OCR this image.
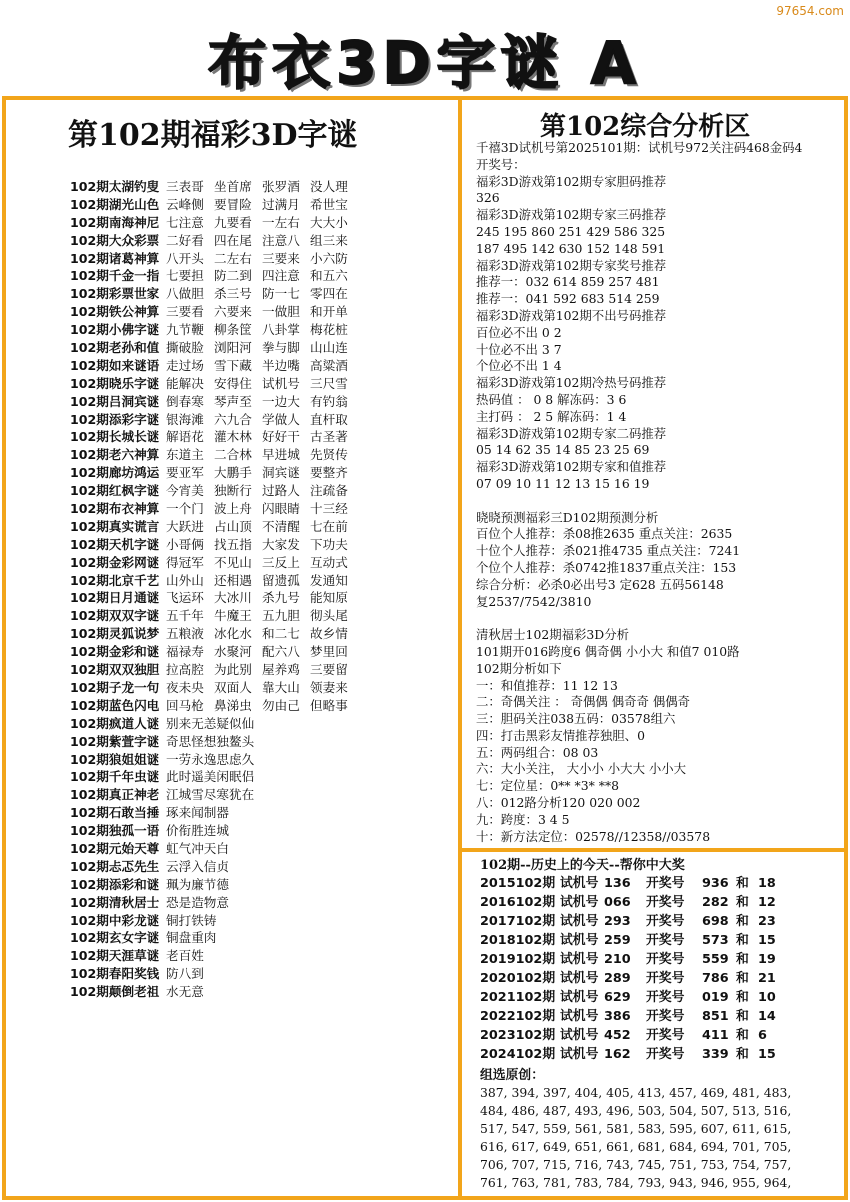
97654.com
布衣3D字谜 A
第102期福彩3D字谜
102期太湖钓叟 三表哥 坐首席 张罗酒 没人理
102期湖光山色 云峰侧 要冒险 过满月 希世宝
102期南海神尼 七注意 九要看 一左右 大大小
102期大众彩票 二好看 四在尾 注意八 组三来
102期诸葛神算 八开头 二左右 三要来 小六防
102期千金一指 七要担 防二到 四注意 和五六
102期彩票世家 八做胆 杀三号 防一七 零四在
102期铁公神算 三要看 六要来 一做胆 和开单
102期小佛字谜 九节鞭 柳条筐 八卦掌 梅花桩
102期老孙和值 撕破脸 浏阳河 拳与脚 山山连
102期如来谜语 走过场 雪下藏 半边嘴 高粱酒
102期晓乐字谜 能解决 安得住 试机号 三尺雪
102期吕洞宾谜 倒春寒 琴声至 一边大 有钓翁
102期添彩字谜 银海滩 六九合 学做人 直杆取
102期长城长谜 解语花 灌木林 好好干 古圣著
102期老六神算 东道主 二合林 早进城 先贤传
102期廊坊鸿运 要亚军 大鹏手 洞宾谜 要整齐
102期红枫字谜 今宵美 独断行 过路人 注疏备
102期布衣神算 一个门 波上舟 闪眼睛 十三经
102期真实谎言 大跃进 占山顶 不清醒 七在前
102期天机字谜 小哥俩 找五指 大家发 下功夫
102期金彩网谜 得冠军 不见山 三反上 互动式
102期北京千艺 山外山 还相遇 留遗孤 发通知
102期日月通谜 飞运环 大冰川 杀九号 能知原
102期双双字谜 五千年 牛魔王 五九胆 彻头尾
102期灵狐说梦 五粮液 冰化水 和二七 故乡情
102期金彩和谜 福禄寿 水聚河 配六八 梦里回
102期双双独胆 拉高腔 为此别 屋养鸡 三要留
102期子龙一句 夜未央 双面人 靠大山 领妻来
102期蓝色闪电 回马枪 鼻涕虫 勿由己 但略事
102期疯道人谜 别来无恙疑似仙
102期紫萱字谜 奇思怪想独鳌头
102期狼姐姐谜 一劳永逸思虑久
102期千年虫谜 此时遥美闲眠侣
102期真正神老 江城雪尽寒犹在
102期石敢当捶 琢来闻制器
102期独孤一语 价衔胜连城
102期元始天尊 虹气冲天白
102期忐忑先生 云浮入信贞
102期添彩和谜 珮为廉节德
102期清秋居士 恐是造物意
102期中彩龙谜 铜打铁铸
102期玄女字谜 铜盘重肉
102期天涯草谜 老百姓
102期春阳奖钱 防八到
102期颠倒老祖 水无意
第102综合分析区
千禧3D试机号第2025101期：试机号972关注码468金码4
开奖号：
福彩3D游戏第102期专家胆码推荐
326
福彩3D游戏第102期专家三码推荐
245 195 860 251 429 586 325
187 495 142 630 152 148 591
福彩3D游戏第102期专家奖号推荐
推荐一：032 614 859 257 481
推荐一：041 592 683 514 259
福彩3D游戏第102期不出号码推荐
百位必不出 0 2
十位必不出 3 7
个位必不出 1 4
福彩3D游戏第102期冷热号码推荐
热码值 ： 0 8 解冻码：3 6
主打码 ： 2 5 解冻码：1 4
福彩3D游戏第102期专家二码推荐
05 14 62 35 14 85 23 25 69
福彩3D游戏第102期专家和值推荐
07 09 10 11 12 13 15 16 19
晓晓预测福彩三D102期预测分析
百位个人推荐：杀08推2635 重点关注：2635
十位个人推荐：杀021推4735 重点关注：7241
个位个人推荐：杀0742推1837重点关注：153
综合分析：必杀0必出号3 定628 五码56148
复2537/7542/3810
清秋居士102期福彩3D分析
101期开016跨度6 偶奇偶 小小大 和值7 010路
102期分析如下
一：和值推荐：11 12 13
二：奇偶关注 ： 奇偶偶 偶奇奇 偶偶奇
三：胆码关注038五码：03578组六
四：打击黑彩友情推荐独胆、0
五：两码组合：08 03
六：大小关注， 大小小 小大大 小小大
七：定位星：0** *3* **8
八：012路分析120 020 002
九：跨度：3 4 5
十：新方法定位：02578//12358//03578
102期--历史上的今天--帮你中大奖
2015102期 试机号 136 开奖号 936 和 18
2016102期 试机号 066 开奖号 282 和 12
2017102期 试机号 293 开奖号 698 和 23
2018102期 试机号 259 开奖号 573 和 15
2019102期 试机号 210 开奖号 559 和 19
2020102期 试机号 289 开奖号 786 和 21
2021102期 试机号 629 开奖号 019 和 10
2022102期 试机号 386 开奖号 851 和 14
2023102期 试机号 452 开奖号 411 和 6
2024102期 试机号 162 开奖号 339 和 15
组选原创：
387, 394, 397, 404, 405, 413, 457, 469, 481, 483,
484, 486, 487, 493, 496, 503, 504, 507, 513, 516,
517, 547, 559, 561, 581, 583, 595, 607, 611, 615,
616, 617, 649, 651, 661, 681, 684, 694, 701, 705,
706, 707, 715, 716, 743, 745, 751, 753, 754, 757,
761, 763, 781, 783, 784, 793, 943, 946, 955, 964,
